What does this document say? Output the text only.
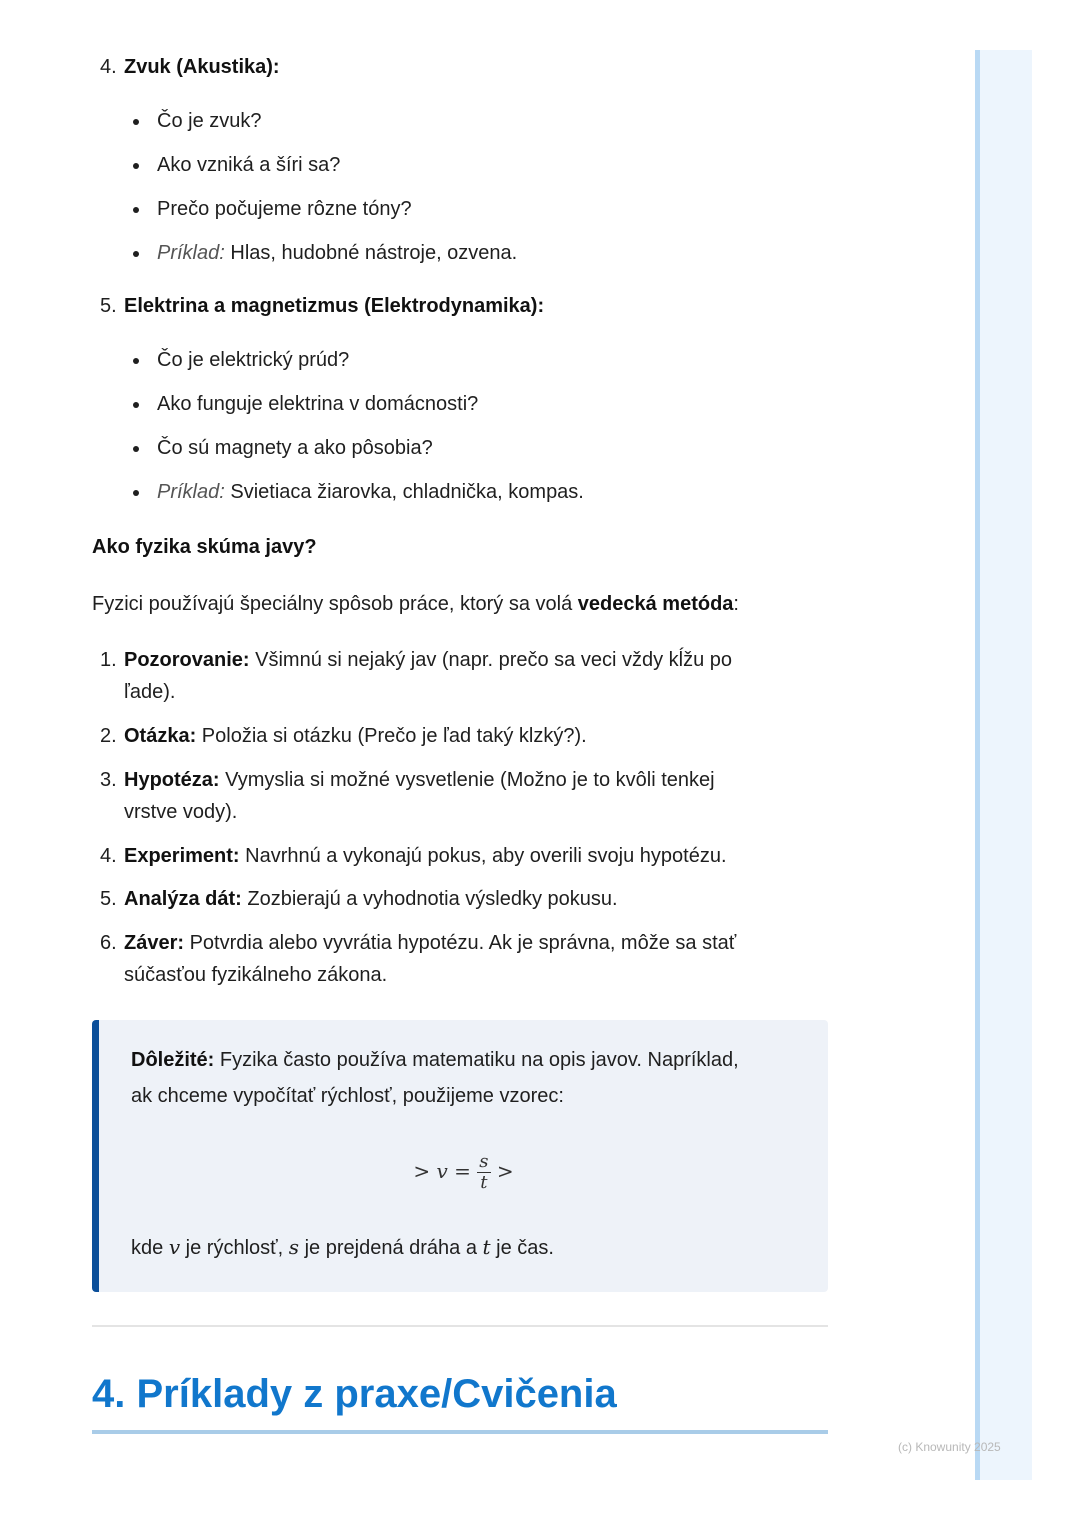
4. Zvuk (Akustika):
Čo je zvuk?
Ako vzniká a šíri sa?
Prečo počujeme rôzne tóny?
Príklad: Hlas, hudobné nástroje, ozvena.
5. Elektrina a magnetizmus (Elektrodynamika):
Čo je elektrický prúd?
Ako funguje elektrina v domácnosti?
Čo sú magnety a ako pôsobia?
Príklad: Svietiaca žiarovka, chladnička, kompas.
Ako fyzika skúma javy?
Fyzici používajú špeciálny spôsob práce, ktorý sa volá vedecká metóda:
1. Pozorovanie: Všimnú si nejaký jav (napr. prečo sa veci vždy kĺžu po
ľade).
2. Otázka: Položia si otázku (Prečo je ľad taký klzký?).
3. Hypotéza: Vymyslia si možné vysvetlenie (Možno je to kvôli tenkej
vrstve vody).
4. Experiment: Navrhnú a vykonajú pokus, aby overili svoju hypotézu.
5. Analýza dát: Zozbierajú a vyhodnotia výsledky pokusu.
6. Záver: Potvrdia alebo vyvrátia hypotézu. Ak je správna, môže sa stať
súčasťou fyzikálneho zákona.
Dôležité: Fyzika často používa matematiku na opis javov. Napríklad,
ak chceme vypočítať rýchlosť, použijeme vzorec:
> $v = \frac{s}{t}$ >
kde v je rýchlosť, s je prejdená dráha a t je čas.
4. Príklady z praxe/Cvičenia
(c) Knowunity 2025
